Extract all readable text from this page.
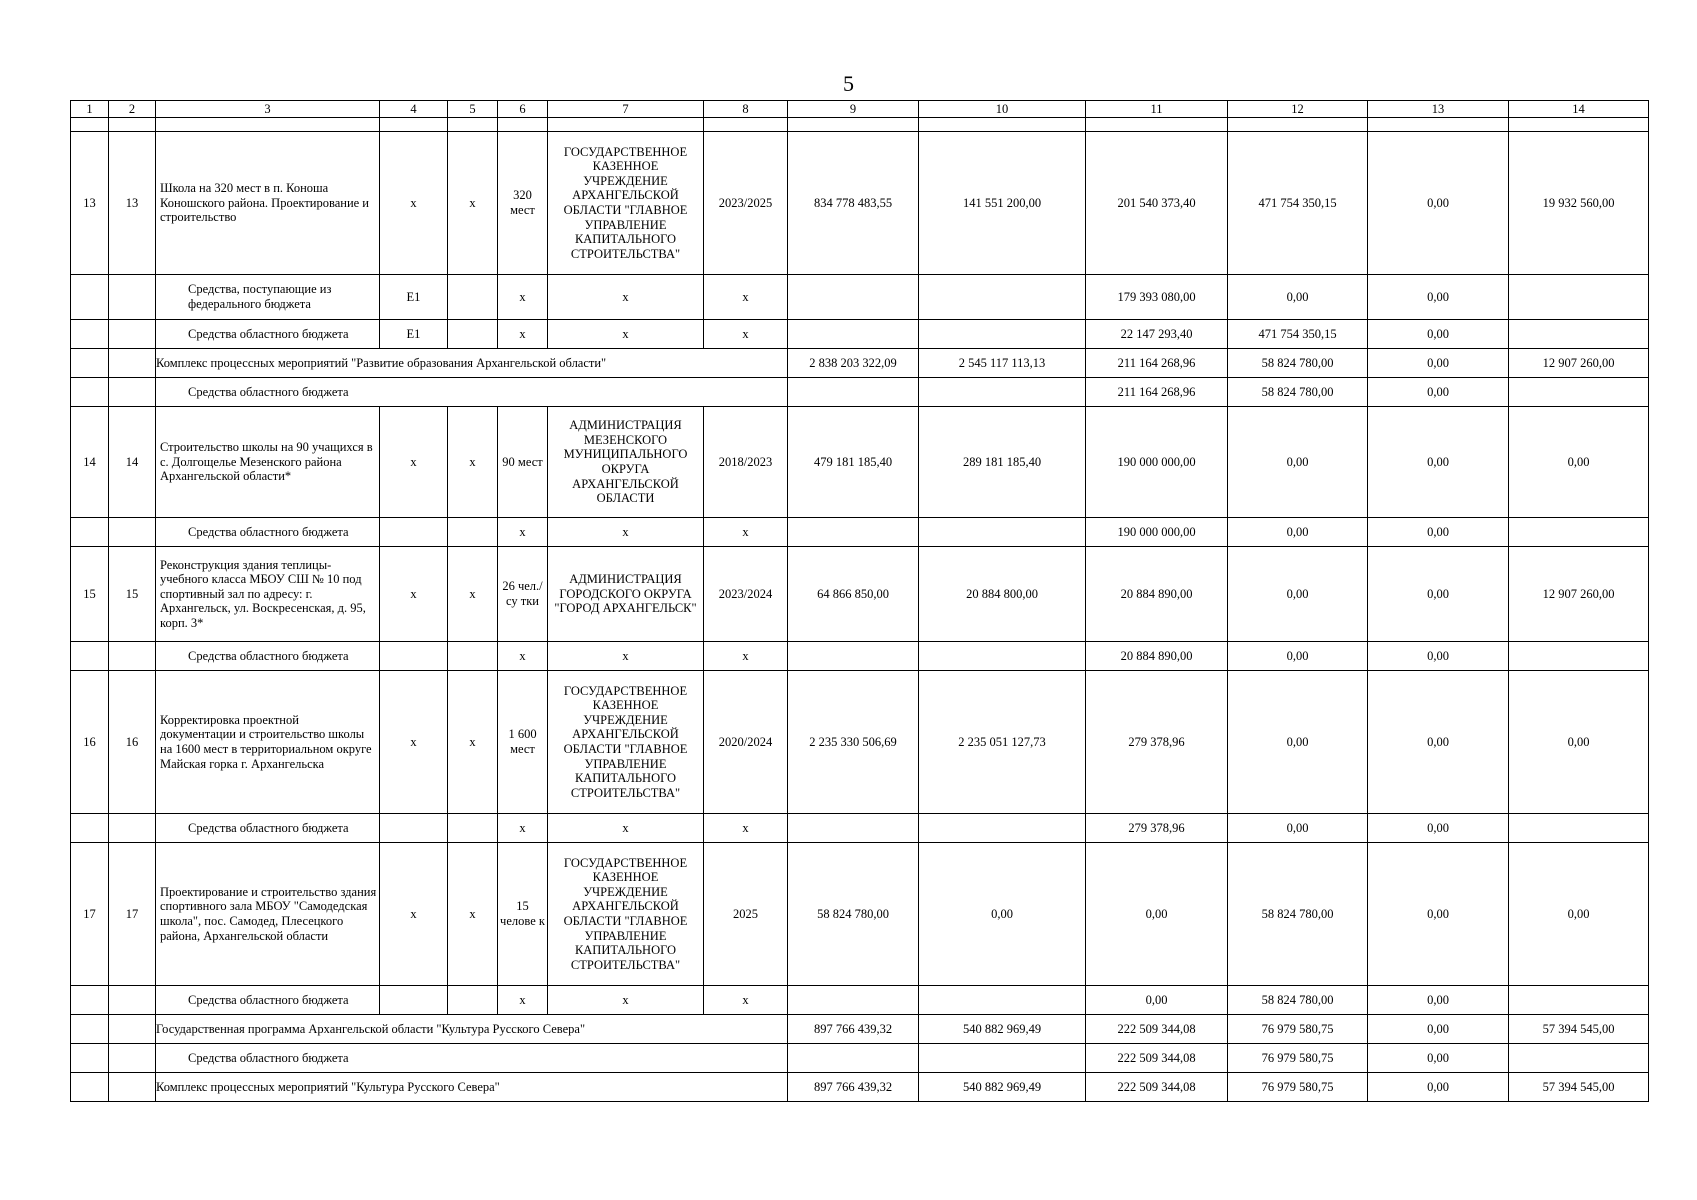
5
1	2	3	4	5	6	7	8	9	10	11	12	13	14

13	13	Школа на 320 мест в п. Коноша Коношского района. Проектирование и строительство	х	х	320 мест	ГОСУДАРСТВЕННОЕ КАЗЕННОЕ УЧРЕЖДЕНИЕ АРХАНГЕЛЬСКОЙ ОБЛАСТИ "ГЛАВНОЕ УПРАВЛЕНИЕ КАПИТАЛЬНОГО СТРОИТЕЛЬСТВА"	2023/2025	834 778 483,55	141 551 200,00	201 540 373,40	471 754 350,15	0,00	19 932 560,00
		Средства, поступающие из федерального бюджета	E1		х	х	х			179 393 080,00	0,00	0,00	
		Средства областного бюджета	E1		х	х	х			22 147 293,40	471 754 350,15	0,00	
		Комплекс процессных мероприятий "Развитие образования Архангельской области"						2 838 203 322,09	2 545 117 113,13	211 164 268,96	58 824 780,00	0,00	12 907 260,00
		Средства областного бюджета								211 164 268,96	58 824 780,00	0,00	
14	14	Строительство школы на 90 учащихся в с. Долгощелье Мезенского района Архангельской области*	х	х	90 мест	АДМИНИСТРАЦИЯ МЕЗЕНСКОГО МУНИЦИПАЛЬНОГО ОКРУГА АРХАНГЕЛЬСКОЙ ОБЛАСТИ	2018/2023	479 181 185,40	289 181 185,40	190 000 000,00	0,00	0,00	0,00
		Средства областного бюджета			х	х	х			190 000 000,00	0,00	0,00	
15	15	Реконструкция здания теплицы-учебного класса МБОУ СШ № 10 под спортивный зал по адресу: г. Архангельск, ул. Воскресенская, д. 95, корп. 3*	х	х	26 чел./су тки	АДМИНИСТРАЦИЯ ГОРОДСКОГО ОКРУГА "ГОРОД АРХАНГЕЛЬСК"	2023/2024	64 866 850,00	20 884 800,00	20 884 890,00	0,00	0,00	12 907 260,00
		Средства областного бюджета			х	х	х			20 884 890,00	0,00	0,00	
16	16	Корректировка проектной документации и строительство школы на 1600 мест в территориальном округе Майская горка г. Архангельска	х	х	1 600 мест	ГОСУДАРСТВЕННОЕ КАЗЕННОЕ УЧРЕЖДЕНИЕ АРХАНГЕЛЬСКОЙ ОБЛАСТИ "ГЛАВНОЕ УПРАВЛЕНИЕ КАПИТАЛЬНОГО СТРОИТЕЛЬСТВА"	2020/2024	2 235 330 506,69	2 235 051 127,73	279 378,96	0,00	0,00	0,00
		Средства областного бюджета			х	х	х			279 378,96	0,00	0,00	
17	17	Проектирование и строительство здания спортивного зала МБОУ "Самодедская школа", пос. Самодед, Плесецкого района, Архангельской области	х	х	15 челове к	ГОСУДАРСТВЕННОЕ КАЗЕННОЕ УЧРЕЖДЕНИЕ АРХАНГЕЛЬСКОЙ ОБЛАСТИ "ГЛАВНОЕ УПРАВЛЕНИЕ КАПИТАЛЬНОГО СТРОИТЕЛЬСТВА"	2025	58 824 780,00	0,00	0,00	58 824 780,00	0,00	0,00
		Средства областного бюджета			х	х	х			0,00	58 824 780,00	0,00	
		Государственная программа Архангельской области "Культура Русского Севера"						897 766 439,32	540 882 969,49	222 509 344,08	76 979 580,75	0,00	57 394 545,00
		Средства областного бюджета								222 509 344,08	76 979 580,75	0,00	
		Комплекс процессных мероприятий "Культура Русского Севера"						897 766 439,32	540 882 969,49	222 509 344,08	76 979 580,75	0,00	57 394 545,00
